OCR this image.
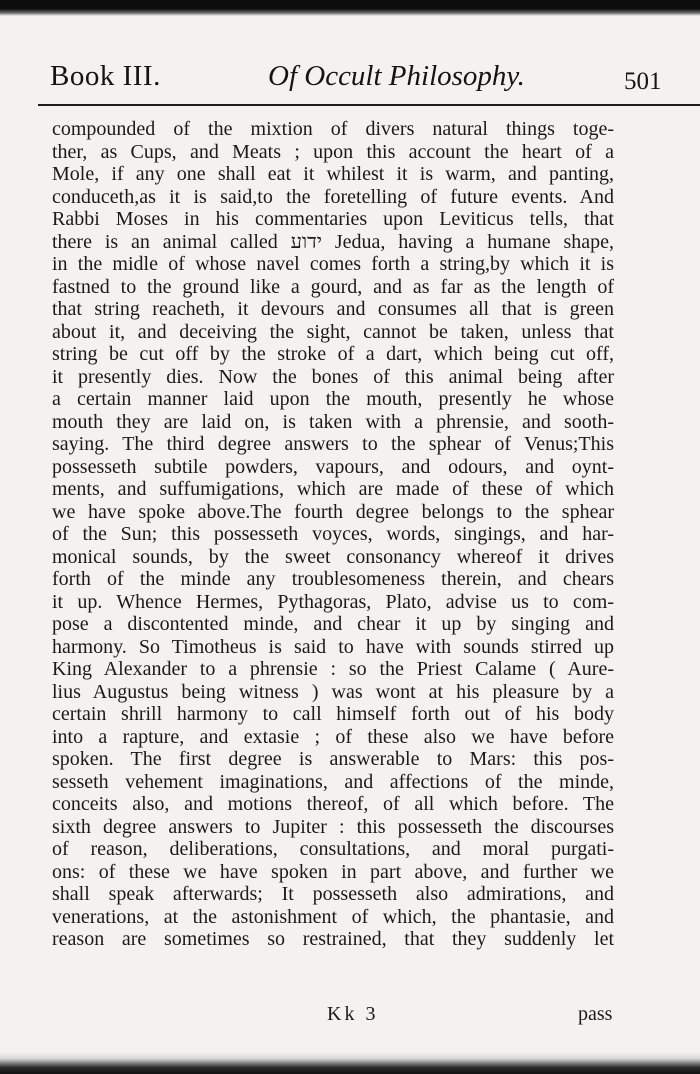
Book III.	Of Occult Philosophy.	501
compounded of the mixtion of divers natural things toge-
ther, as Cups, and Meats ; upon this account the heart of a
Mole, if any one shall eat it whilest it is warm, and panting,
conduceth,as it is said,to the foretelling of future events. And
Rabbi Moses in his commentaries upon Leviticus tells, that
there is an animal called ידוע Jedua, having a humane shape,
in the midle of whose navel comes forth a string,by which it is
fastned to the ground like a gourd, and as far as the length of
that string reacheth, it devours and consumes all that is green
about it, and deceiving the sight, cannot be taken, unless that
string be cut off by the stroke of a dart, which being cut off,
it presently dies. Now the bones of this animal being after
a certain manner laid upon the mouth, presently he whose
mouth they are laid on, is taken with a phrensie, and sooth-
saying. The third degree answers to the sphear of Venus;This
possesseth subtile powders, vapours, and odours, and oynt-
ments, and suffumigations, which are made of these of which
we have spoke above.The fourth degree belongs to the sphear
of the Sun; this possesseth voyces, words, singings, and har-
monical sounds, by the sweet consonancy whereof it drives
forth of the minde any troublesomeness therein, and chears
it up. Whence Hermes, Pythagoras, Plato, advise us to com-
pose a discontented minde, and chear it up by singing and
harmony. So Timotheus is said to have with sounds stirred up
King Alexander to a phrensie : so the Priest Calame ( Aure-
lius Augustus being witness ) was wont at his pleasure by a
certain shrill harmony to call himself forth out of his body
into a rapture, and extasie ; of these also we have before
spoken. The first degree is answerable to Mars: this pos-
sesseth vehement imaginations, and affections of the minde,
conceits also, and motions thereof, of all which before. The
sixth degree answers to Jupiter : this possesseth the discourses
of reason, deliberations, consultations, and moral purgati-
ons: of these we have spoken in part above, and further we
shall speak afterwards; It possesseth also admirations, and
venerations, at the astonishment of which, the phantasie, and
reason are sometimes so restrained, that they suddenly let
Kk 3	pass
